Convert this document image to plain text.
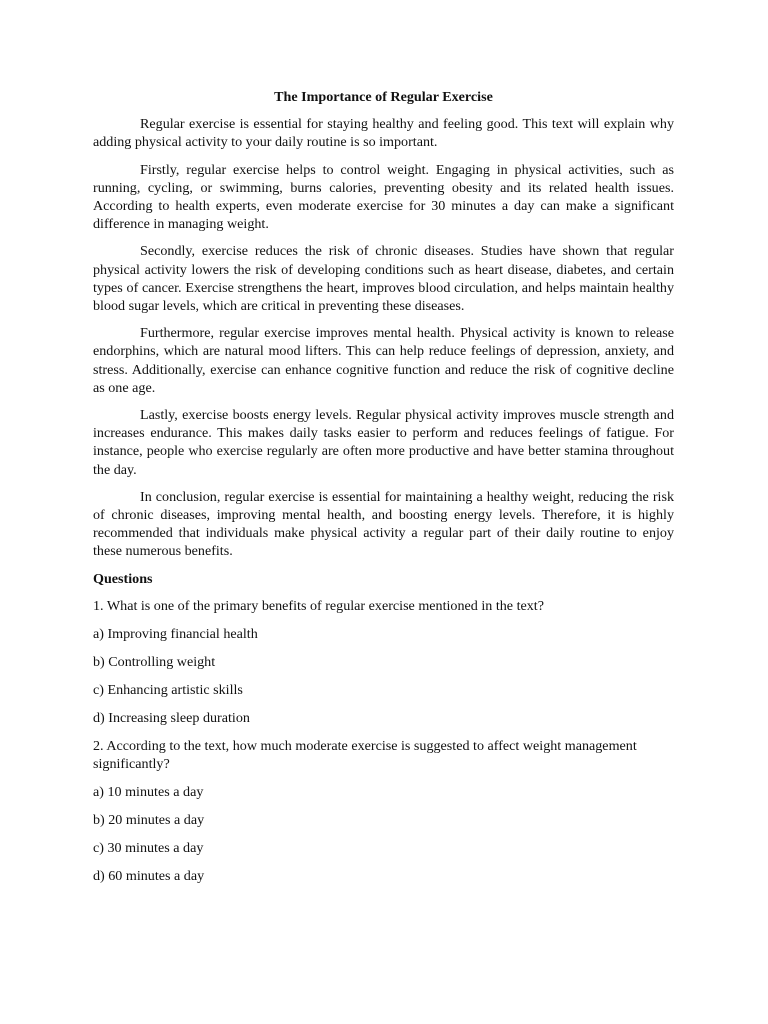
The Importance of Regular Exercise

Regular exercise is essential for staying healthy and feeling good. This text will explain why adding physical activity to your daily routine is so important.

Firstly, regular exercise helps to control weight. Engaging in physical activities, such as running, cycling, or swimming, burns calories, preventing obesity and its related health issues. According to health experts, even moderate exercise for 30 minutes a day can make a significant difference in managing weight.

Secondly, exercise reduces the risk of chronic diseases. Studies have shown that regular physical activity lowers the risk of developing conditions such as heart disease, diabetes, and certain types of cancer. Exercise strengthens the heart, improves blood circulation, and helps maintain healthy blood sugar levels, which are critical in preventing these diseases.

Furthermore, regular exercise improves mental health. Physical activity is known to release endorphins, which are natural mood lifters. This can help reduce feelings of depression, anxiety, and stress. Additionally, exercise can enhance cognitive function and reduce the risk of cognitive decline as one age.

Lastly, exercise boosts energy levels. Regular physical activity improves muscle strength and increases endurance. This makes daily tasks easier to perform and reduces feelings of fatigue. For instance, people who exercise regularly are often more productive and have better stamina throughout the day.

In conclusion, regular exercise is essential for maintaining a healthy weight, reducing the risk of chronic diseases, improving mental health, and boosting energy levels. Therefore, it is highly recommended that individuals make physical activity a regular part of their daily routine to enjoy these numerous benefits.

Questions
1. What is one of the primary benefits of regular exercise mentioned in the text?
a) Improving financial health
b) Controlling weight
c) Enhancing artistic skills
d) Increasing sleep duration
2. According to the text, how much moderate exercise is suggested to affect weight management significantly?
a) 10 minutes a day
b) 20 minutes a day
c) 30 minutes a day
d) 60 minutes a day
